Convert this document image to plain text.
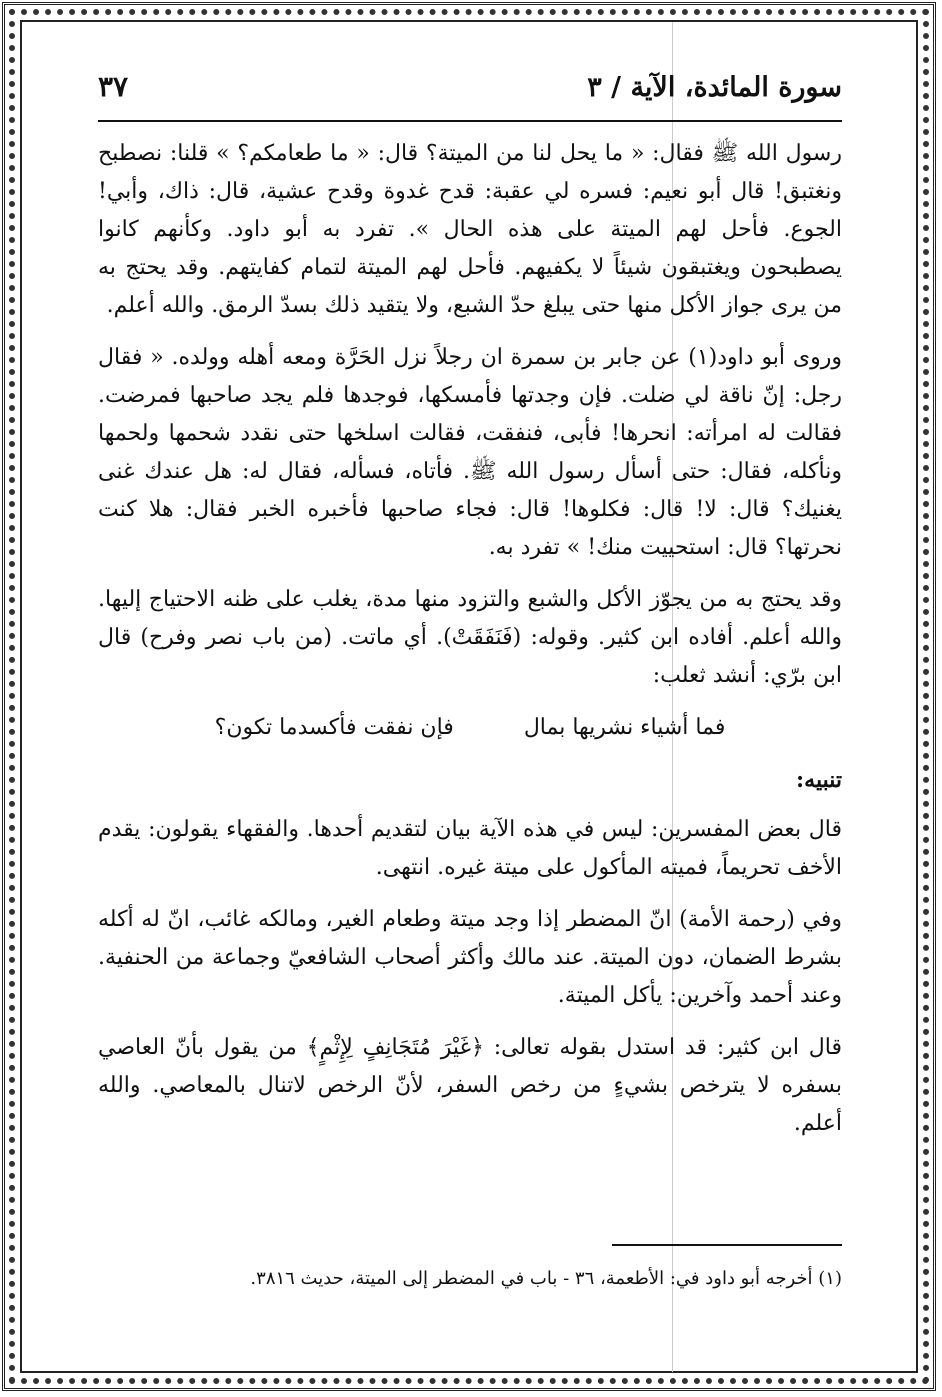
سورة المائدة، الآية / ٣
٣٧

رسول الله ﷺ فقال: « ما يحل لنا من الميتة؟ قال: « ما طعامكم؟ » قلنا: نصطبح ونغتبق! قال أبو نعيم: فسره لي عقبة: قدح غدوة وقدح عشية، قال: ذاك، وأبي! الجوع. فأحل لهم الميتة على هذه الحال ». تفرد به أبو داود. وكأنهم كانوا يصطبحون ويغتبقون شيئاً لا يكفيهم. فأحل لهم الميتة لتمام كفايتهم. وقد يحتج به من يرى جواز الأكل منها حتى يبلغ حدّ الشبع، ولا يتقيد ذلك بسدّ الرمق. والله أعلم.

وروى أبو داود(١) عن جابر بن سمرة ان رجلاً نزل الحَرَّة ومعه أهله وولده. « فقال رجل: إنّ ناقة لي ضلت. فإن وجدتها فأمسكها، فوجدها فلم يجد صاحبها فمرضت. فقالت له امرأته: انحرها! فأبى، فنفقت، فقالت اسلخها حتى نقدد شحمها ولحمها ونأكله، فقال: حتى أسأل رسول الله ﷺ. فأتاه، فسأله، فقال له: هل عندك غنى يغنيك؟ قال: لا! قال: فكلوها! قال: فجاء صاحبها فأخبره الخبر فقال: هلا كنت نحرتها؟ قال: استحييت منك! » تفرد به.

وقد يحتج به من يجوّز الأكل والشبع والتزود منها مدة، يغلب على ظنه الاحتياج إليها. والله أعلم. أفاده ابن كثير. وقوله: (فَنَفَقَتْ). أي ماتت. (من باب نصر وفرح) قال ابن برّي: أنشد ثعلب:

فما أشياء نشريها بمال
فإن نفقت فأكسدما تكون؟
تنبيه:

قال بعض المفسرين: ليس في هذه الآية بيان لتقديم أحدها. والفقهاء يقولون: يقدم الأخف تحريماً، فميته المأكول على ميتة غيره. انتهى.

وفي (رحمة الأمة) انّ المضطر إذا وجد ميتة وطعام الغير، ومالكه غائب، انّ له أكله بشرط الضمان، دون الميتة. عند مالك وأكثر أصحاب الشافعيّ وجماعة من الحنفية. وعند أحمد وآخرين: يأكل الميتة.

قال ابن كثير: قد استدل بقوله تعالى: ﴿غَيْرَ مُتَجَانِفٍ لِإِثْمٍ﴾ من يقول بأنّ العاصي بسفره لا يترخص بشيءٍ من رخص السفر، لأنّ الرخص لاتنال بالمعاصي. والله أعلم.

(١) أخرجه أبو داود في: الأطعمة، ٣٦ - باب في المضطر إلى الميتة، حديث ٣٨١٦.
